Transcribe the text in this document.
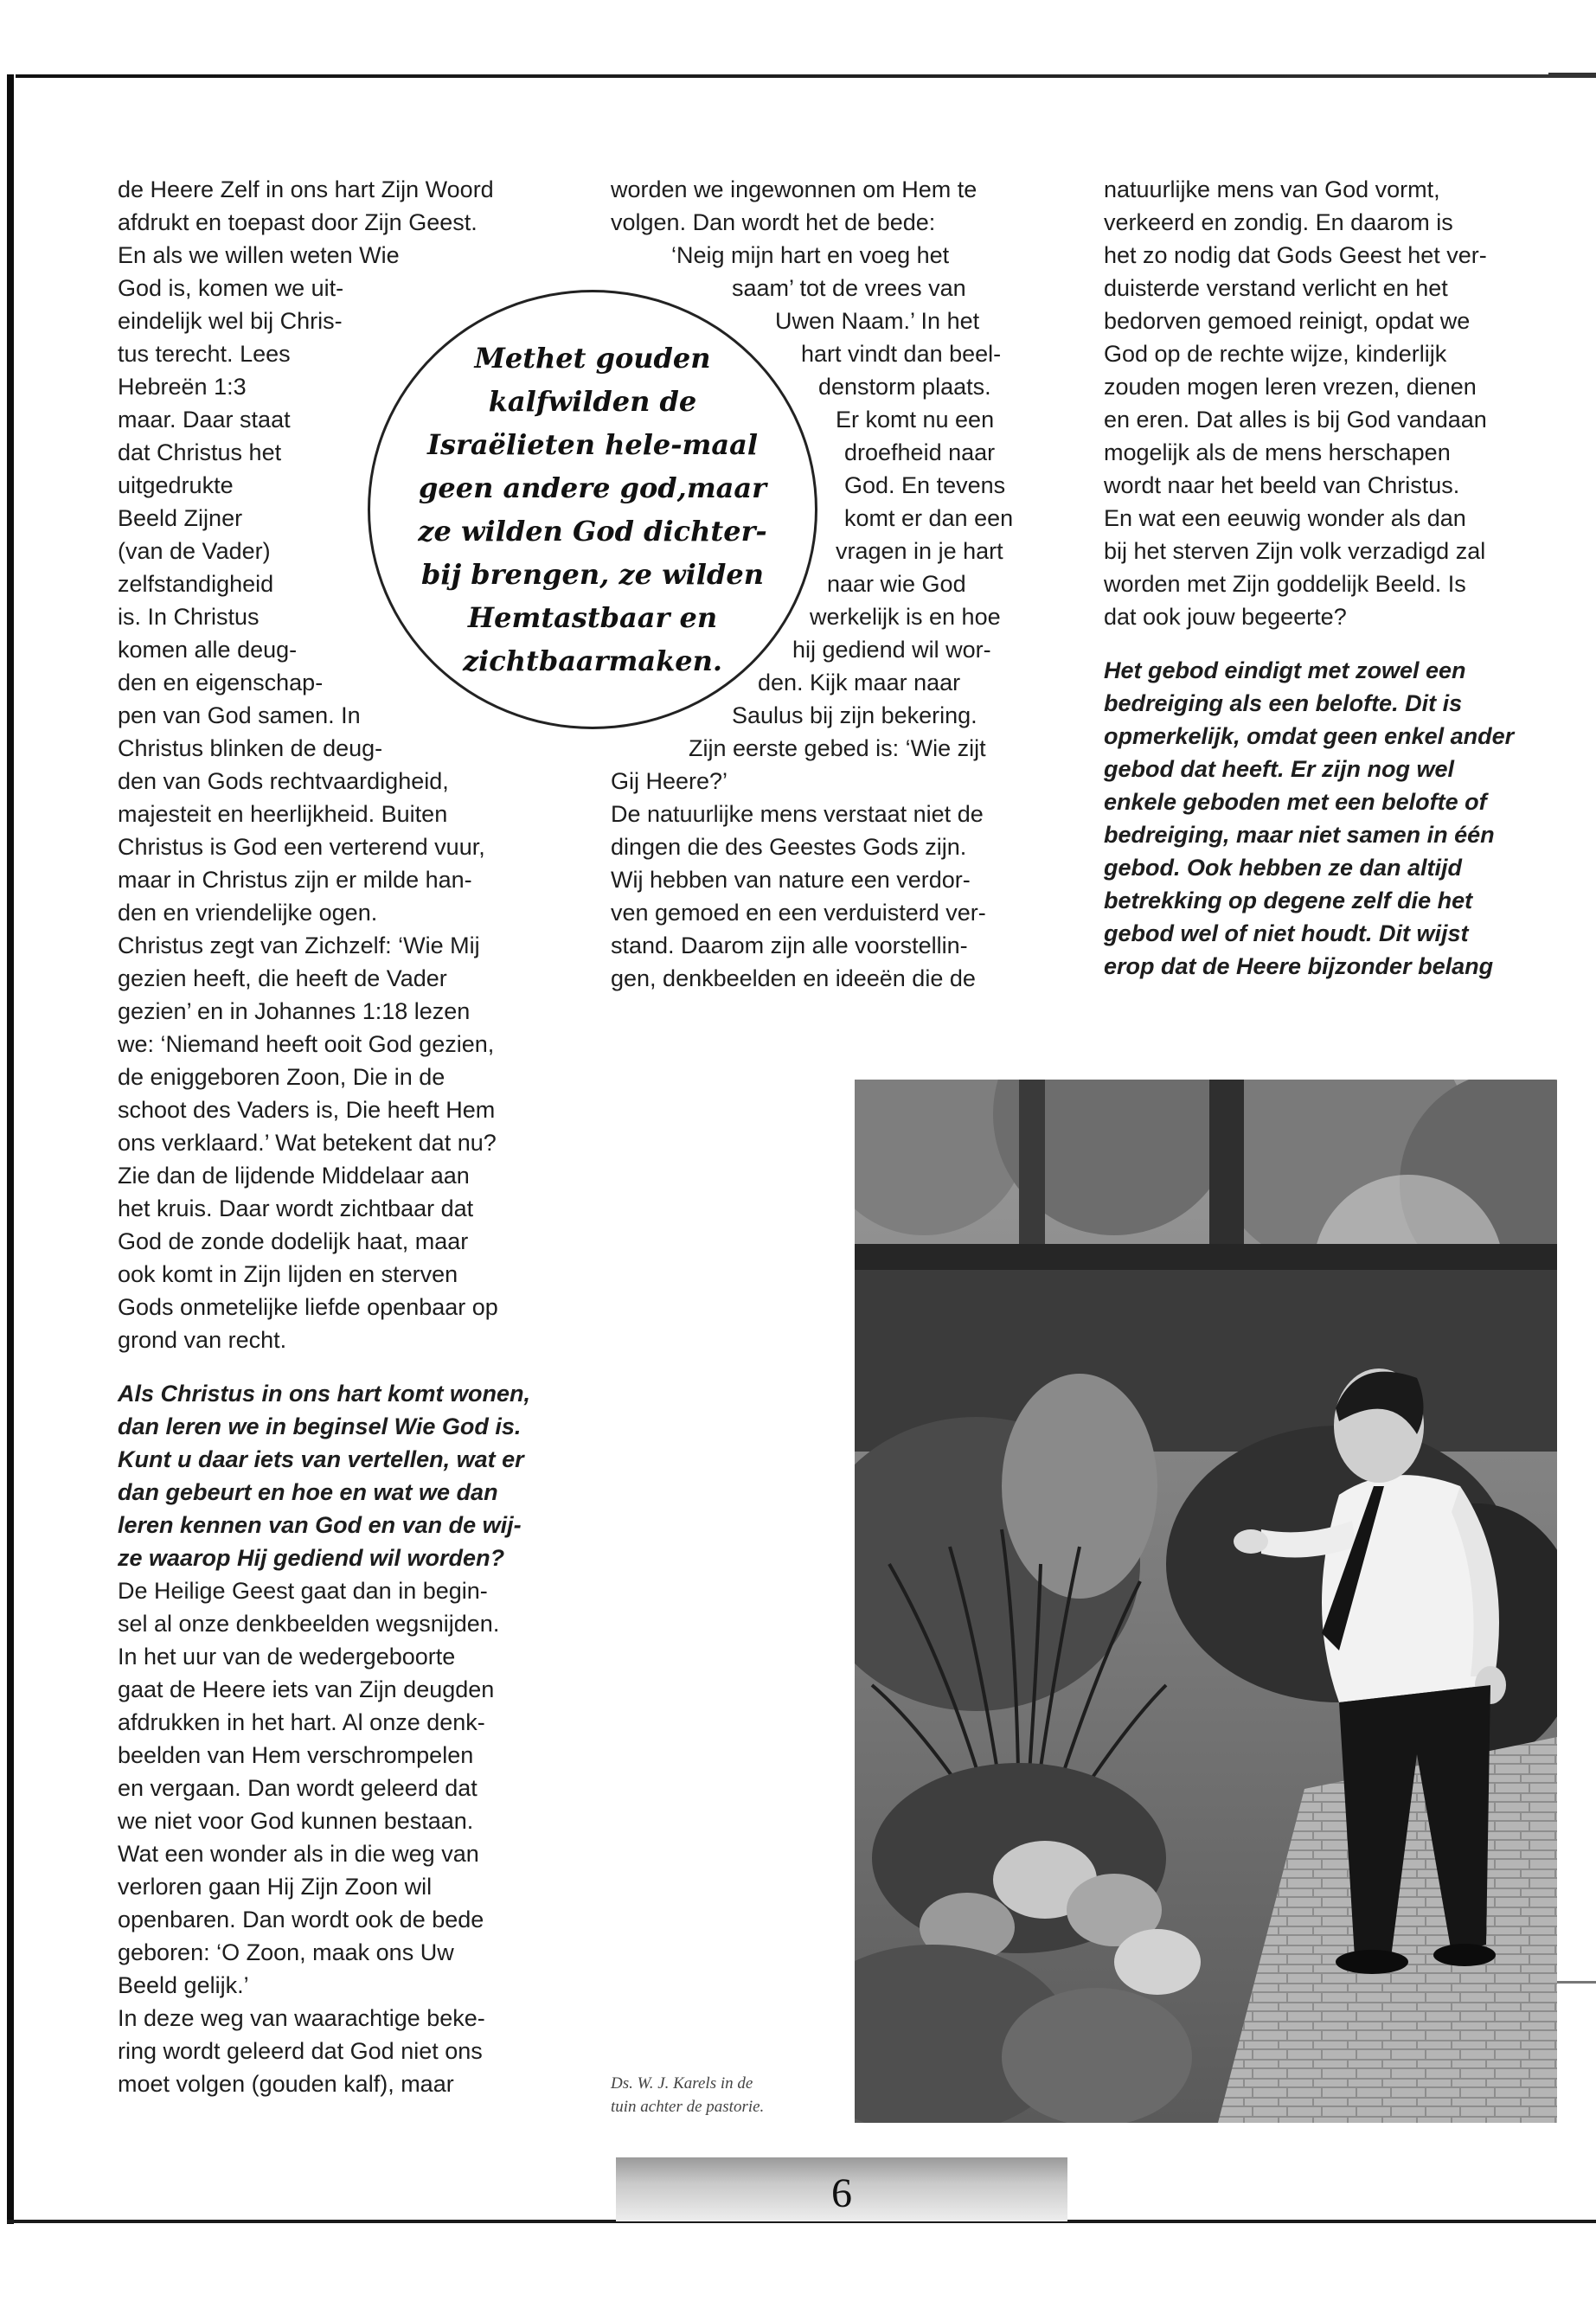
de Heere Zelf in ons hart Zijn Woord
afdrukt en toepast door Zijn Geest.
En als we willen weten Wie
God is, komen we uit-
eindelijk wel bij Chris-
tus terecht. Lees
Hebreën 1:3
maar. Daar staat
dat Christus het
uitgedrukte
Beeld Zijner
(van de Vader)
zelfstandigheid
is. In Christus
komen alle deug-
den en eigenschap-
pen van God samen. In
Christus blinken de deug-
den van Gods rechtvaardigheid,
majesteit en heerlijkheid. Buiten
Christus is God een verterend vuur,
maar in Christus zijn er milde han-
den en vriendelijke ogen.
Christus zegt van Zichzelf: ‘Wie Mij
gezien heeft, die heeft de Vader
gezien’ en in Johannes 1:18 lezen
we: ‘Niemand heeft ooit God gezien,
de eniggeboren Zoon, Die in de
schoot des Vaders is, Die heeft Hem
ons verklaard.’ Wat betekent dat nu?
Zie dan de lijdende Middelaar aan
het kruis. Daar wordt zichtbaar dat
God de zonde dodelijk haat, maar
ook komt in Zijn lijden en sterven
Gods onmetelijke liefde openbaar op
grond van recht.
Als Christus in ons hart komt wonen,
dan leren we in beginsel Wie God is.
Kunt u daar iets van vertellen, wat er
dan gebeurt en hoe en wat we dan
leren kennen van God en van de wij-
ze waarop Hij gediend wil worden?
De Heilige Geest gaat dan in begin-
sel al onze denkbeelden wegsnijden.
In het uur van de wedergeboorte
gaat de Heere iets van Zijn deugden
afdrukken in het hart. Al onze denk-
beelden van Hem verschrompelen
en vergaan. Dan wordt geleerd dat
we niet voor God kunnen bestaan.
Wat een wonder als in die weg van
verloren gaan Hij Zijn Zoon wil
openbaren. Dan wordt ook de bede
geboren: ‘O Zoon, maak ons Uw
Beeld gelijk.’
In deze weg van waarachtige beke-
ring wordt geleerd dat God niet ons
moet volgen (gouden kalf), maar
worden we ingewonnen om Hem te
volgen. Dan wordt het de bede:
‘Neig mijn hart en voeg het
saam’ tot de vrees van
Uwen Naam.’ In het
hart vindt dan beel-
denstorm plaats.
Er komt nu een
droefheid naar
God. En tevens
komt er dan een
vragen in je hart
naar wie God
werkelijk is en hoe
hij gediend wil wor-
den. Kijk maar naar
Saulus bij zijn bekering.
Zijn eerste gebed is: ‘Wie zijt
Gij Heere?’
De natuurlijke mens verstaat niet de
dingen die des Geestes Gods zijn.
Wij hebben van nature een verdor-
ven gemoed en een verduisterd ver-
stand. Daarom zijn alle voorstellin-
gen, denkbeelden en ideeën die de
natuurlijke mens van God vormt,
verkeerd en zondig. En daarom is
het zo nodig dat Gods Geest het ver-
duisterde verstand verlicht en het
bedorven gemoed reinigt, opdat we
God op de rechte wijze, kinderlijk
zouden mogen leren vrezen, dienen
en eren. Dat alles is bij God vandaan
mogelijk als de mens herschapen
wordt naar het beeld van Christus.
En wat een eeuwig wonder als dan
bij het sterven Zijn volk verzadigd zal
worden met Zijn goddelijk Beeld. Is
dat ook jouw begeerte?
Het gebod eindigt met zowel een
bedreiging als een belofte. Dit is
opmerkelijk, omdat geen enkel ander
gebod dat heeft. Er zijn nog wel
enkele geboden met een belofte of
bedreiging, maar niet samen in één
gebod. Ook hebben ze dan altijd
betrekking op degene zelf die het
gebod wel of niet houdt. Dit wijst
erop dat de Heere bijzonder belang
Methet gouden kalfwilden de Israëlieten hele-maal geen andere god,maar ze wilden God dichter-bij brengen, ze wilden Hemtastbaar en zichtbaarmaken.
Ds. W. J. Karels in de
tuin achter de pastorie.
6
